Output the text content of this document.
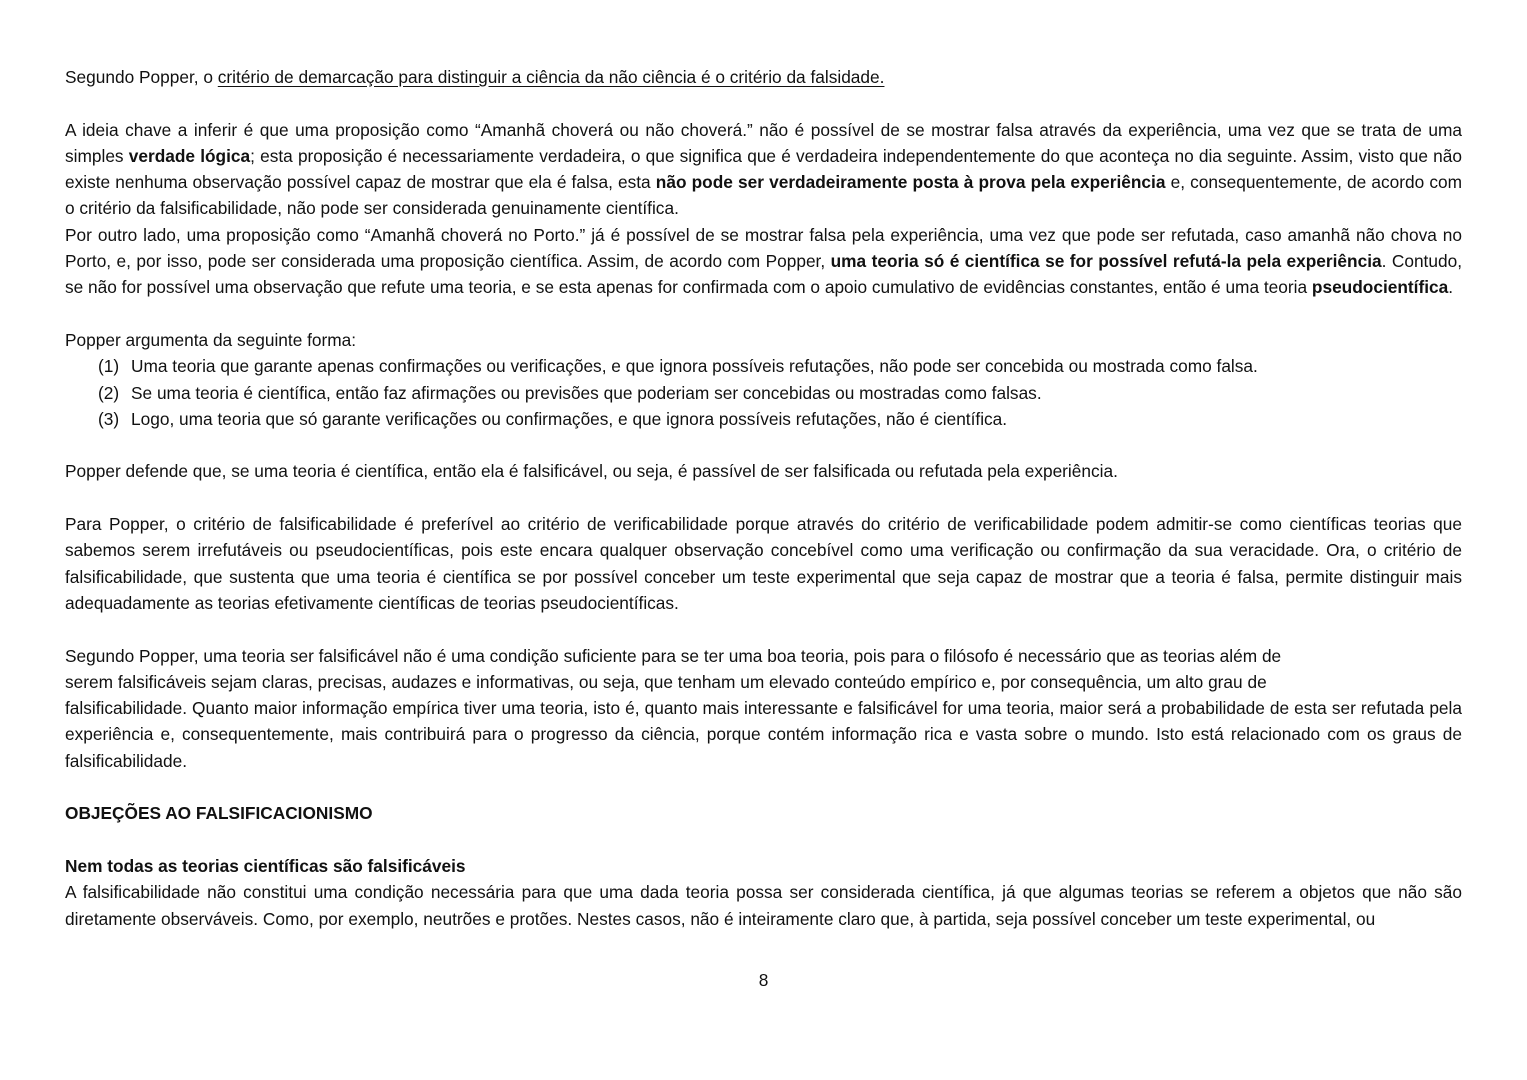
Segundo Popper, o critério de demarcação para distinguir a ciência da não ciência é o critério da falsidade.

A ideia chave a inferir é que uma proposição como “Amanhã choverá ou não choverá.” não é possível de se mostrar falsa através da experiência, uma vez que se trata de uma simples verdade lógica; esta proposição é necessariamente verdadeira, o que significa que é verdadeira independentemente do que aconteça no dia seguinte. Assim, visto que não existe nenhuma observação possível capaz de mostrar que ela é falsa, esta não pode ser verdadeiramente posta à prova pela experiência e, consequentemente, de acordo com o critério da falsificabilidade, não pode ser considerada genuinamente científica.

Por outro lado, uma proposição como “Amanhã choverá no Porto.” já é possível de se mostrar falsa pela experiência, uma vez que pode ser refutada, caso amanhã não chova no Porto, e, por isso, pode ser considerada uma proposição científica. Assim, de acordo com Popper, uma teoria só é científica se for possível refutá-la pela experiência. Contudo, se não for possível uma observação que refute uma teoria, e se esta apenas for confirmada com o apoio cumulativo de evidências constantes, então é uma teoria pseudocientífica.

Popper argumenta da seguinte forma:

(1) Uma teoria que garante apenas confirmações ou verificações, e que ignora possíveis refutações, não pode ser concebida ou mostrada como falsa.
(2) Se uma teoria é científica, então faz afirmações ou previsões que poderiam ser concebidas ou mostradas como falsas.
(3) Logo, uma teoria que só garante verificações ou confirmações, e que ignora possíveis refutações, não é científica.

Popper defende que, se uma teoria é científica, então ela é falsificável, ou seja, é passível de ser falsificada ou refutada pela experiência.

Para Popper, o critério de falsificabilidade é preferível ao critério de verificabilidade porque através do critério de verificabilidade podem admitir-se como científicas teorias que sabemos serem irrefutáveis ou pseudocientíficas, pois este encara qualquer observação concebível como uma verificação ou confirmação da sua veracidade. Ora, o critério de falsificabilidade, que sustenta que uma teoria é científica se por possível conceber um teste experimental que seja capaz de mostrar que a teoria é falsa, permite distinguir mais adequadamente as teorias efetivamente científicas de teorias pseudocientíficas.

Segundo Popper, uma teoria ser falsificável não é uma condição suficiente para se ter uma boa teoria, pois para o filósofo é necessário que as teorias além de

serem falsificáveis sejam claras, precisas, audazes e informativas, ou seja, que tenham um elevado conteúdo empírico e, por consequência, um alto grau de

falsificabilidade. Quanto maior informação empírica tiver uma teoria, isto é, quanto mais interessante e falsificável for uma teoria, maior será a probabilidade de esta ser refutada pela experiência e, consequentemente, mais contribuirá para o progresso da ciência, porque contém informação rica e vasta sobre o mundo. Isto está relacionado com os graus de falsificabilidade.

OBJEÇÕES AO FALSIFICACIONISMO

Nem todas as teorias científicas são falsificáveis

A falsificabilidade não constitui uma condição necessária para que uma dada teoria possa ser considerada científica, já que algumas teorias se referem a objetos que não são diretamente observáveis. Como, por exemplo, neutrões e protões. Nestes casos, não é inteiramente claro que, à partida, seja possível conceber um teste experimental, ou

8
